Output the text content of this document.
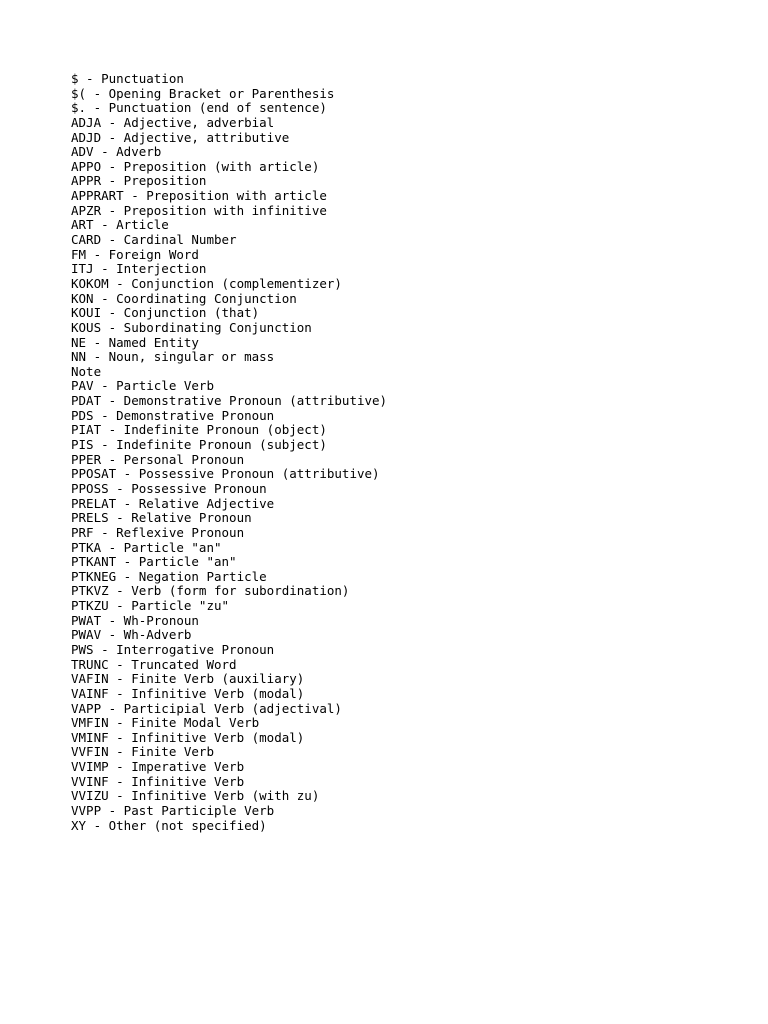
$ - Punctuation
$( - Opening Bracket or Parenthesis
$. - Punctuation (end of sentence)
ADJA - Adjective, adverbial
ADJD - Adjective, attributive
ADV - Adverb
APPO - Preposition (with article)
APPR - Preposition
APPRART - Preposition with article
APZR - Preposition with infinitive
ART - Article
CARD - Cardinal Number
FM - Foreign Word
ITJ - Interjection
KOKOM - Conjunction (complementizer)
KON - Coordinating Conjunction
KOUI - Conjunction (that)
KOUS - Subordinating Conjunction
NE - Named Entity
NN - Noun, singular or mass
Note
PAV - Particle Verb
PDAT - Demonstrative Pronoun (attributive)
PDS - Demonstrative Pronoun
PIAT - Indefinite Pronoun (object)
PIS - Indefinite Pronoun (subject)
PPER - Personal Pronoun
PPOSAT - Possessive Pronoun (attributive)
PPOSS - Possessive Pronoun
PRELAT - Relative Adjective
PRELS - Relative Pronoun
PRF - Reflexive Pronoun
PTKA - Particle "an"
PTKANT - Particle "an"
PTKNEG - Negation Particle
PTKVZ - Verb (form for subordination)
PTKZU - Particle "zu"
PWAT - Wh-Pronoun
PWAV - Wh-Adverb
PWS - Interrogative Pronoun
TRUNC - Truncated Word
VAFIN - Finite Verb (auxiliary)
VAINF - Infinitive Verb (modal)
VAPP - Participial Verb (adjectival)
VMFIN - Finite Modal Verb
VMINF - Infinitive Verb (modal)
VVFIN - Finite Verb
VVIMP - Imperative Verb
VVINF - Infinitive Verb
VVIZU - Infinitive Verb (with zu)
VVPP - Past Participle Verb
XY - Other (not specified)
